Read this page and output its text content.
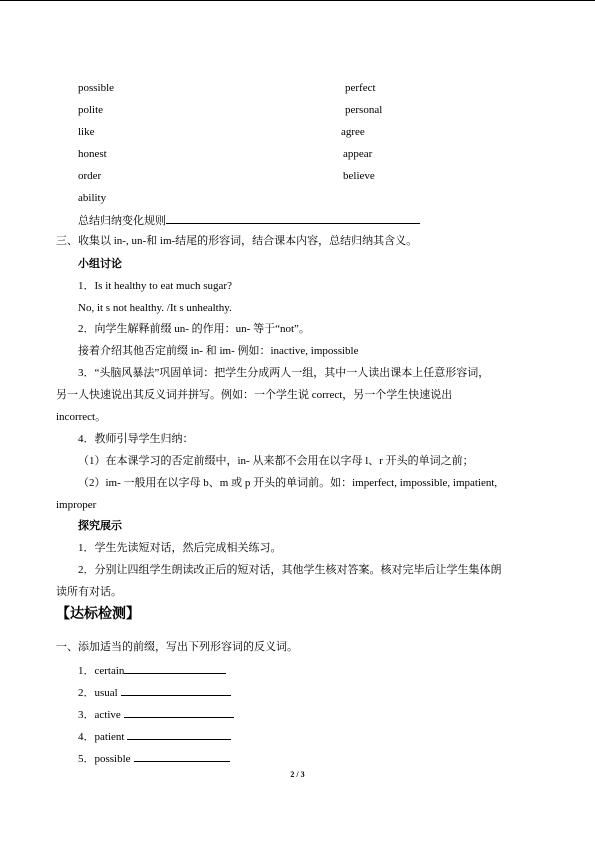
possible	perfect
polite	personal
like	agree
honest	appear
order	believe
ability
总结归纳变化规则
三、收集以 in-, un-和 im-结尾的形容词，结合课本内容，总结归纳其含义。
小组讨论
1．Is it healthy to eat much sugar?
No, it s not healthy. /It s unhealthy.
2．向学生解释前缀 un- 的作用：un- 等于“not”。
接着介绍其他否定前缀 in- 和 im- 例如：inactive, impossible
3．“头脑风暴法”巩固单词：把学生分成两人一组，其中一人读出课本上任意形容词，
另一人快速说出其反义词并拼写。例如：一个学生说 correct，另一个学生快速说出
incorrect。
4．教师引导学生归纳：
（1）在本课学习的否定前缀中，in- 从来都不会用在以字母 l、r 开头的单词之前；
（2）im- 一般用在以字母 b、m 或 p 开头的单词前。如：imperfect, impossible, impatient,
improper
探究展示
1．学生先读短对话，然后完成相关练习。
2．分别让四组学生朗读改正后的短对话，其他学生核对答案。核对完毕后让学生集体朗
读所有对话。
【达标检测】
一、添加适当的前缀，写出下列形容词的反义词。
1．certain
2．usual
3．active
4．patient
5．possible
2 / 3
